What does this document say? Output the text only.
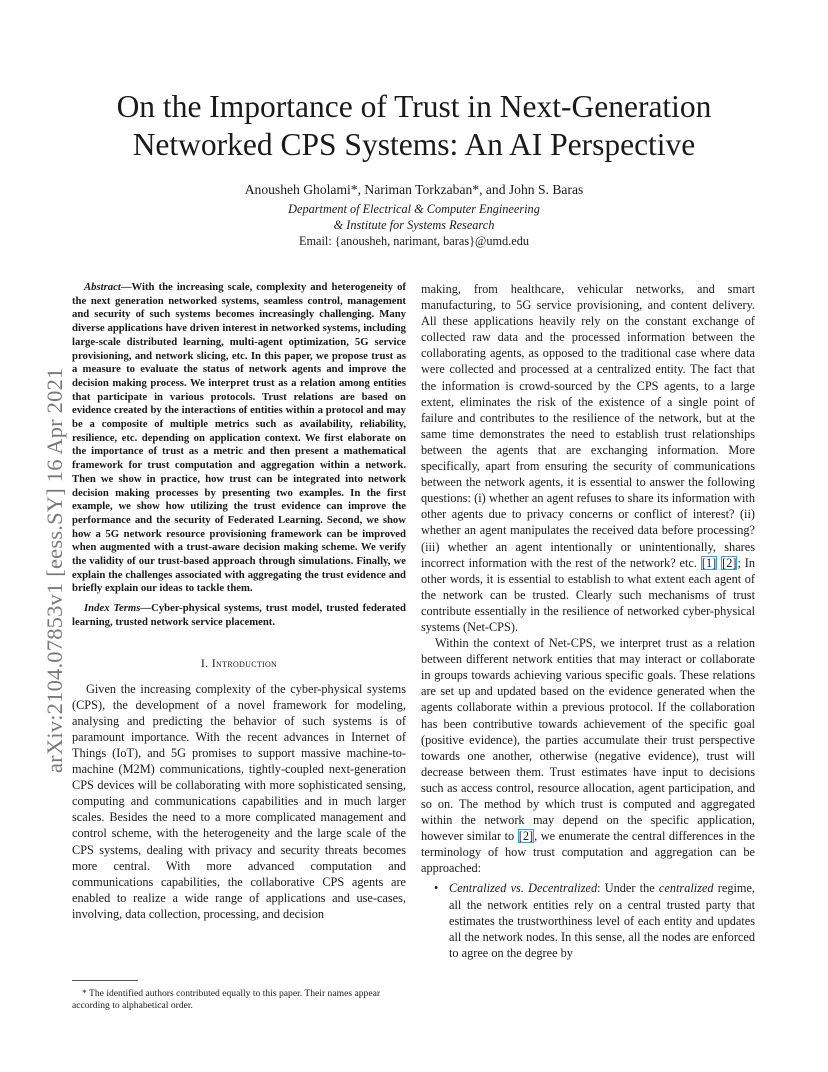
arXiv:2104.07853v1 [eess.SY] 16 Apr 2021
On the Importance of Trust in Next-Generation
Networked CPS Systems: An AI Perspective
Anousheh Gholami*, Nariman Torkzaban*, and John S. Baras
Department of Electrical & Computer Engineering
& Institute for Systems Research
Email: {anousheh, narimant, baras}@umd.edu

Abstract—With the increasing scale, complexity and heterogeneity of the next generation networked systems, seamless control, management and security of such systems becomes increasingly challenging. Many diverse applications have driven interest in networked systems, including large-scale distributed learning, multi-agent optimization, 5G service provisioning, and network slicing, etc. In this paper, we propose trust as a measure to evaluate the status of network agents and improve the decision making process. We interpret trust as a relation among entities that participate in various protocols. Trust relations are based on evidence created by the interactions of entities within a protocol and may be a composite of multiple metrics such as availability, reliability, resilience, etc. depending on application context. We first elaborate on the importance of trust as a metric and then present a mathematical framework for trust computation and aggregation within a network. Then we show in practice, how trust can be integrated into network decision making processes by presenting two examples. In the first example, we show how utilizing the trust evidence can improve the performance and the security of Federated Learning. Second, we show how a 5G network resource provisioning framework can be improved when augmented with a trust-aware decision making scheme. We verify the validity of our trust-based approach through simulations. Finally, we explain the challenges associated with aggregating the trust evidence and briefly explain our ideas to tackle them.

Index Terms—Cyber-physical systems, trust model, trusted federated learning, trusted network service placement.

I. Introduction

Given the increasing complexity of the cyber-physical systems (CPS), the development of a novel framework for modeling, analysing and predicting the behavior of such systems is of paramount importance. With the recent advances in Internet of Things (IoT), and 5G promises to support massive machine-to-machine (M2M) communications, tightly-coupled next-generation CPS devices will be collaborating with more sophisticated sensing, computing and communications capabilities and in much larger scales. Besides the need to a more complicated management and control scheme, with the heterogeneity and the large scale of the CPS systems, dealing with privacy and security threats becomes more central. With more advanced computation and communications capabilities, the collaborative CPS agents are enabled to realize a wide range of applications and use-cases, involving, data collection, processing, and decision

* The identified authors contributed equally to this paper. Their names appear according to alphabetical order.

making, from healthcare, vehicular networks, and smart manufacturing, to 5G service provisioning, and content delivery. All these applications heavily rely on the constant exchange of collected raw data and the processed information between the collaborating agents, as opposed to the traditional case where data were collected and processed at a centralized entity. The fact that the information is crowd-sourced by the CPS agents, to a large extent, eliminates the risk of the existence of a single point of failure and contributes to the resilience of the network, but at the same time demonstrates the need to establish trust relationships between the agents that are exchanging information. More specifically, apart from ensuring the security of communications between the network agents, it is essential to answer the following questions: (i) whether an agent refuses to share its information with other agents due to privacy concerns or conflict of interest? (ii) whether an agent manipulates the received data before processing? (iii) whether an agent intentionally or unintentionally, shares incorrect information with the rest of the network? etc. [1] [2]; In other words, it is essential to establish to what extent each agent of the network can be trusted. Clearly such mechanisms of trust contribute essentially in the resilience of networked cyber-physical systems (Net-CPS).

Within the context of Net-CPS, we interpret trust as a relation between different network entities that may interact or collaborate in groups towards achieving various specific goals. These relations are set up and updated based on the evidence generated when the agents collaborate within a previous protocol. If the collaboration has been contributive towards achievement of the specific goal (positive evidence), the parties accumulate their trust perspective towards one another, otherwise (negative evidence), trust will decrease between them. Trust estimates have input to decisions such as access control, resource allocation, agent participation, and so on. The method by which trust is computed and aggregated within the network may depend on the specific application, however similar to [2], we enumerate the central differences in the terminology of how trust computation and aggregation can be approached:

• Centralized vs. Decentralized: Under the centralized regime, all the network entities rely on a central trusted party that estimates the trustworthiness level of each entity and updates all the network nodes. In this sense, all the nodes are enforced to agree on the degree by
